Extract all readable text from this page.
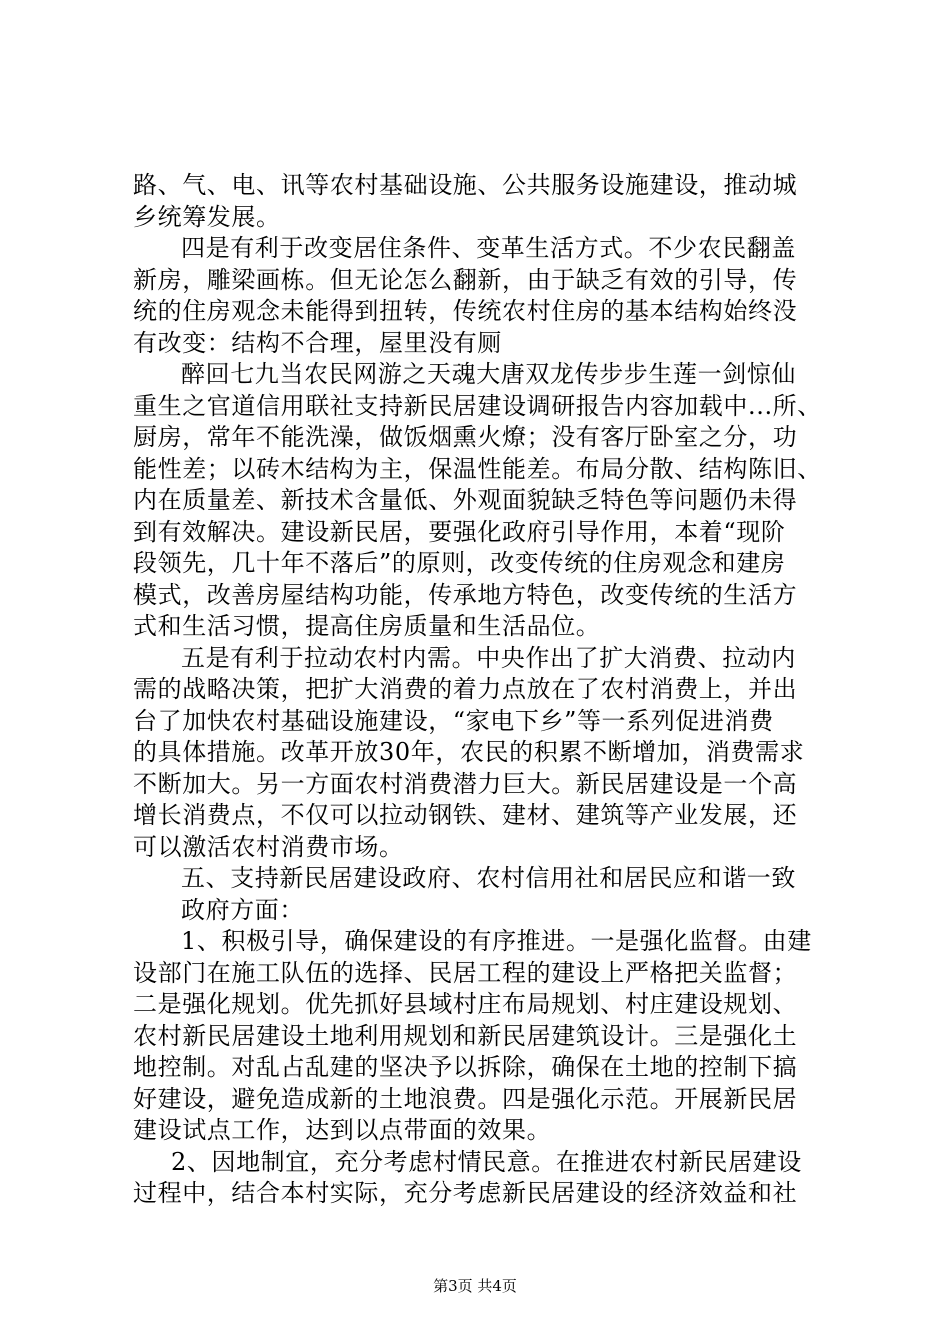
路、气、电、讯等农村基础设施、公共服务设施建设，推动城
乡统筹发展。
四是有利于改变居住条件、变革生活方式。不少农民翻盖
新房，雕梁画栋。但无论怎么翻新，由于缺乏有效的引导，传
统的住房观念未能得到扭转，传统农村住房的基本结构始终没
有改变：结构不合理，屋里没有厕
醉回七九当农民网游之天魂大唐双龙传步步生莲一剑惊仙
重生之官道信用联社支持新民居建设调研报告内容加载中...所、
厨房，常年不能洗澡，做饭烟熏火燎；没有客厅卧室之分，功
能性差；以砖木结构为主，保温性能差。布局分散、结构陈旧、
内在质量差、新技术含量低、外观面貌缺乏特色等问题仍未得
到有效解决。建设新民居，要强化政府引导作用，本着“现阶
段领先，几十年不落后”的原则，改变传统的住房观念和建房
模式，改善房屋结构功能，传承地方特色，改变传统的生活方
式和生活习惯，提高住房质量和生活品位。
五是有利于拉动农村内需。中央作出了扩大消费、拉动内
需的战略决策，把扩大消费的着力点放在了农村消费上，并出
台了加快农村基础设施建设，“家电下乡”等一系列促进消费
的具体措施。改革开放30年，农民的积累不断增加，消费需求
不断加大。另一方面农村消费潜力巨大。新民居建设是一个高
增长消费点，不仅可以拉动钢铁、建材、建筑等产业发展，还
可以激活农村消费市场。
五、支持新民居建设政府、农村信用社和居民应和谐一致
政府方面：
1、积极引导，确保建设的有序推进。一是强化监督。由建
设部门在施工队伍的选择、民居工程的建设上严格把关监督；
二是强化规划。优先抓好县域村庄布局规划、村庄建设规划、
农村新民居建设土地利用规划和新民居建筑设计。三是强化土
地控制。对乱占乱建的坚决予以拆除，确保在土地的控制下搞
好建设，避免造成新的土地浪费。四是强化示范。开展新民居
建设试点工作，达到以点带面的效果。
2、因地制宜，充分考虑村情民意。在推进农村新民居建设
过程中，结合本村实际，充分考虑新民居建设的经济效益和社
第3页 共4页
